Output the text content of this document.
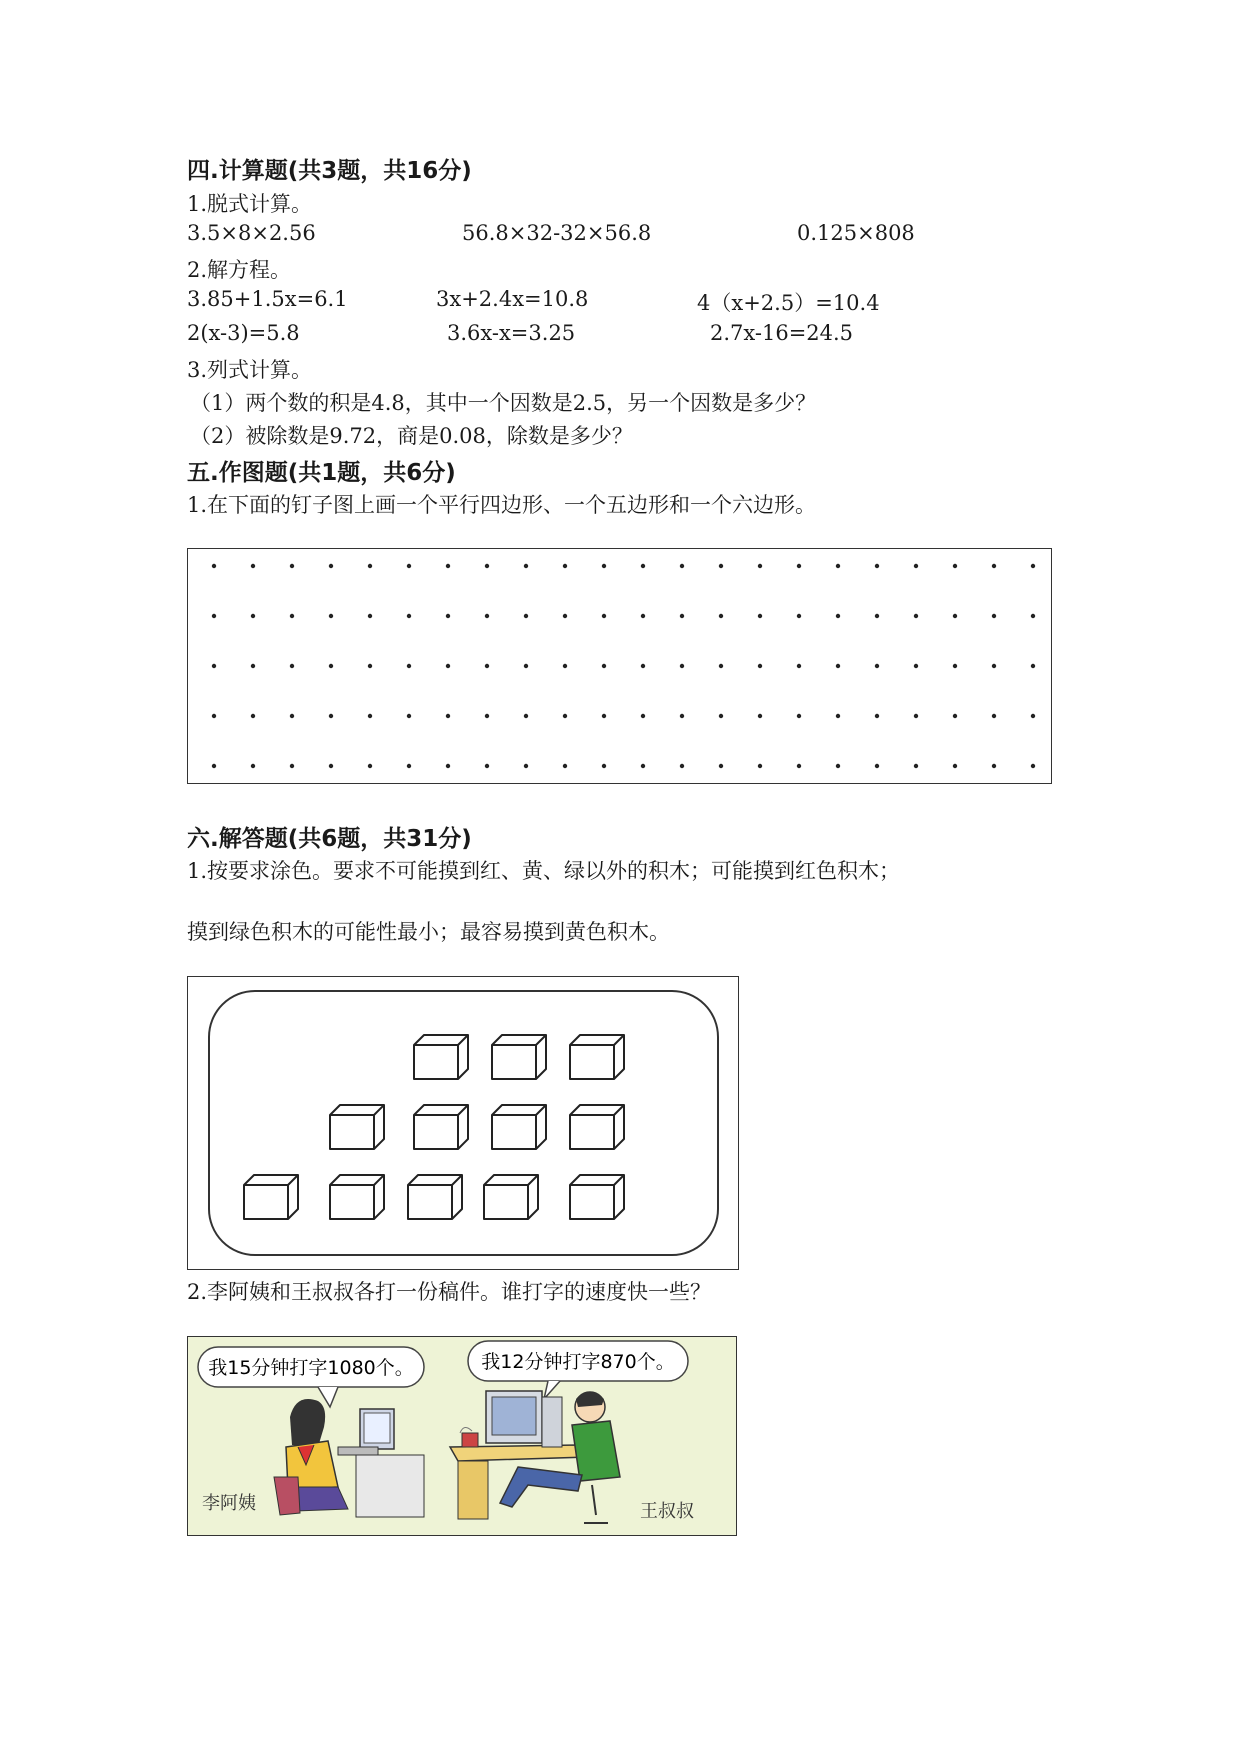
四.计算题(共3题，共16分)
1.脱式计算。
3.5×8×2.56	56.8×32-32×56.8	0.125×808
2.解方程。
3.85+1.5x=6.1	3x+2.4x=10.8	4（x+2.5）=10.4
2(x-3)=5.8	3.6x-x=3.25	2.7x-16=24.5
3.列式计算。
（1）两个数的积是4.8，其中一个因数是2.5，另一个因数是多少？
（2）被除数是9.72，商是0.08，除数是多少？
五.作图题(共1题，共6分)
1.在下面的钉子图上画一个平行四边形、一个五边形和一个六边形。
六.解答题(共6题，共31分)
1.按要求涂色。要求不可能摸到红、黄、绿以外的积木；可能摸到红色积木；
摸到绿色积木的可能性最小；最容易摸到黄色积木。
2.李阿姨和王叔叔各打一份稿件。谁打字的速度快一些？
我15分钟打字1080个。	我12分钟打字870个。
李阿姨	王叔叔
